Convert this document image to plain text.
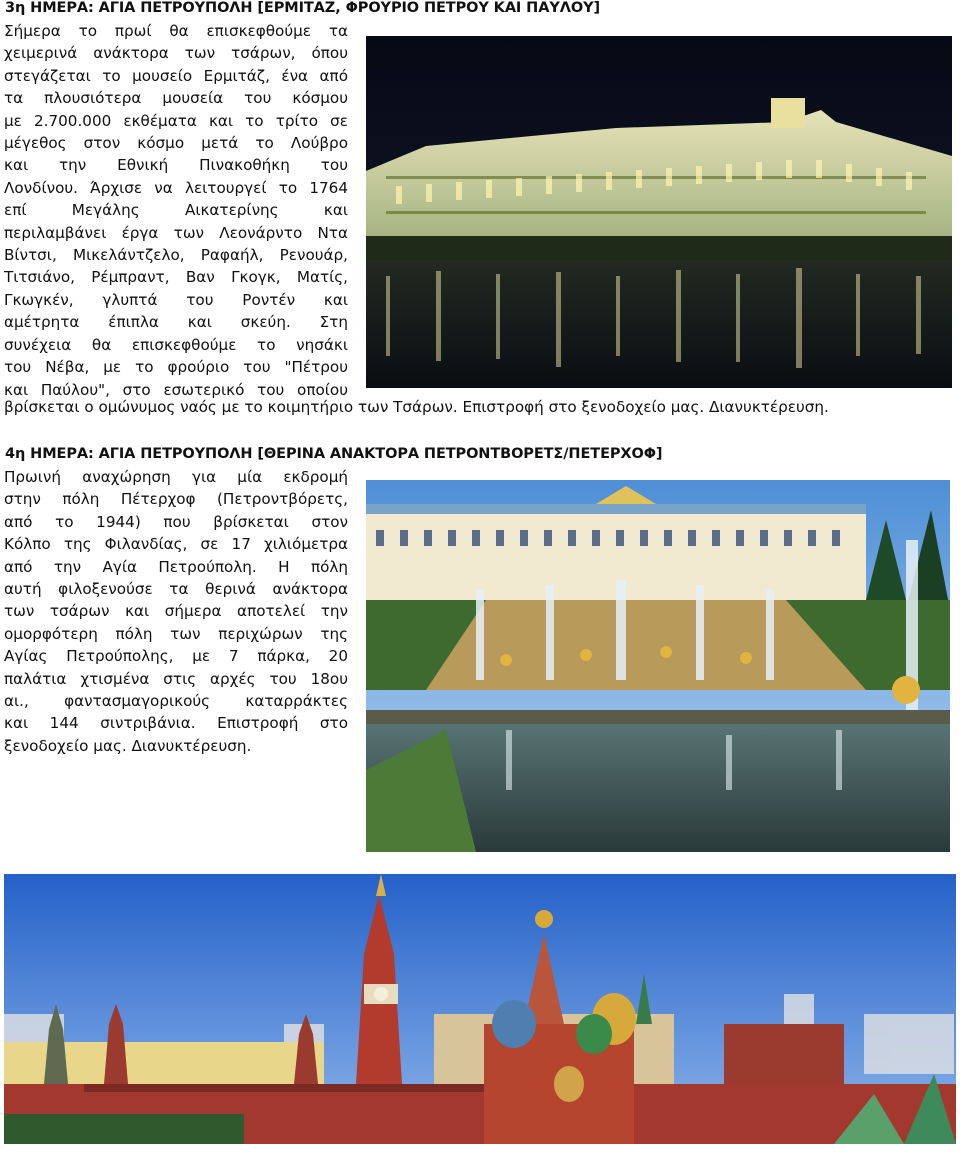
3η ΗΜΕΡΑ: ΑΓΙΑ ΠΕΤΡΟΥΠΟΛΗ [ΕΡΜΙΤΑΖ, ΦΡΟΥΡΙΟ ΠΕΤΡΟΥ ΚΑΙ ΠΑΥΛΟΥ]
Σήμερα το πρωί θα επισκεφθούμε τα
χειμερινά ανάκτορα των τσάρων, όπου
στεγάζεται το μουσείο Ερμιτάζ, ένα από
τα πλουσιότερα μουσεία του κόσμου
με 2.700.000 εκθέματα και το τρίτο σε
μέγεθος στον κόσμο μετά το Λούβρο
και την Εθνική Πινακοθήκη του
Λονδίνου. Άρχισε να λειτουργεί το 1764
επί Μεγάλης Αικατερίνης και
περιλαμβάνει έργα των Λεονάρντο Ντα
Βίντσι, Μικελάντζελο, Ραφαήλ, Ρενουάρ,
Τιτσιάνο, Ρέμπραντ, Βαν Γκογκ, Ματίς,
Γκωγκέν, γλυπτά του Ροντέν και
αμέτρητα έπιπλα και σκεύη. Στη
συνέχεια θα επισκεφθούμε το νησάκι
του Νέβα, με το φρούριο του "Πέτρου
και Παύλου", στο εσωτερικό του οποίου
βρίσκεται ο ομώνυμος ναός με το κοιμητήριο των Τσάρων. Επιστροφή στο ξενοδοχείο μας. Διανυκτέρευση.
4η ΗΜΕΡΑ: ΑΓΙΑ ΠΕΤΡΟΥΠΟΛΗ [ΘΕΡΙΝΑ ΑΝΑΚΤΟΡΑ ΠΕΤΡΟΝΤΒΟΡΕΤΣ/ΠΕΤΕΡΧΟΦ]
Πρωινή αναχώρηση για μία εκδρομή
στην πόλη Πέτερχοφ (Πετροντβόρετς,
από το 1944) που βρίσκεται στον
Κόλπο της Φιλανδίας, σε 17 χιλιόμετρα
από την Αγία Πετρούπολη. Η πόλη
αυτή φιλοξενούσε τα θερινά ανάκτορα
των τσάρων και σήμερα αποτελεί την
ομορφότερη πόλη των περιχώρων της
Αγίας Πετρούπολης, με 7 πάρκα, 20
παλάτια χτισμένα στις αρχές του 18ου
αι., φαντασμαγορικούς καταρράκτες
και 144 σιντριβάνια. Επιστροφή στο
ξενοδοχείο μας. Διανυκτέρευση.
